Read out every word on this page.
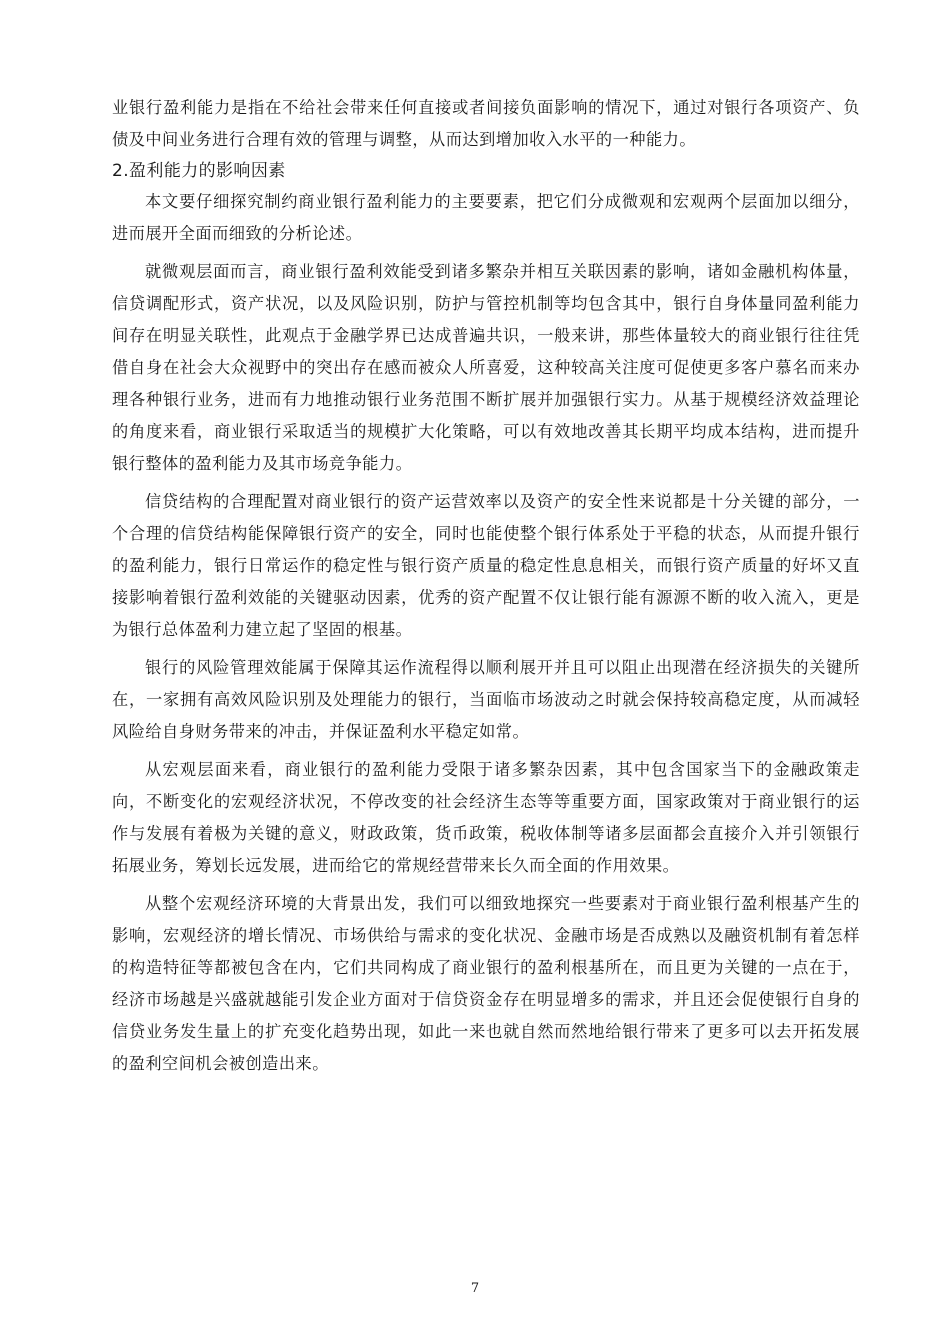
业银行盈利能力是指在不给社会带来任何直接或者间接负面影响的情况下，通过对银行各项资产、负债及中间业务进行合理有效的管理与调整，从而达到增加收入水平的一种能力。

2.盈利能力的影响因素

本文要仔细探究制约商业银行盈利能力的主要要素，把它们分成微观和宏观两个层面加以细分，进而展开全面而细致的分析论述。

就微观层面而言，商业银行盈利效能受到诸多繁杂并相互关联因素的影响，诸如金融机构体量，信贷调配形式，资产状况，以及风险识别，防护与管控机制等均包含其中，银行自身体量同盈利能力间存在明显关联性，此观点于金融学界已达成普遍共识，一般来讲，那些体量较大的商业银行往往凭借自身在社会大众视野中的突出存在感而被众人所喜爱，这种较高关注度可促使更多客户慕名而来办理各种银行业务，进而有力地推动银行业务范围不断扩展并加强银行实力。从基于规模经济效益理论的角度来看，商业银行采取适当的规模扩大化策略，可以有效地改善其长期平均成本结构，进而提升银行整体的盈利能力及其市场竞争能力。

信贷结构的合理配置对商业银行的资产运营效率以及资产的安全性来说都是十分关键的部分，一个合理的信贷结构能保障银行资产的安全，同时也能使整个银行体系处于平稳的状态，从而提升银行的盈利能力，银行日常运作的稳定性与银行资产质量的稳定性息息相关，而银行资产质量的好坏又直接影响着银行盈利效能的关键驱动因素，优秀的资产配置不仅让银行能有源源不断的收入流入，更是为银行总体盈利力建立起了坚固的根基。

银行的风险管理效能属于保障其运作流程得以顺利展开并且可以阻止出现潜在经济损失的关键所在，一家拥有高效风险识别及处理能力的银行，当面临市场波动之时就会保持较高稳定度，从而减轻风险给自身财务带来的冲击，并保证盈利水平稳定如常。

从宏观层面来看，商业银行的盈利能力受限于诸多繁杂因素，其中包含国家当下的金融政策走向，不断变化的宏观经济状况，不停改变的社会经济生态等等重要方面，国家政策对于商业银行的运作与发展有着极为关键的意义，财政政策，货币政策，税收体制等诸多层面都会直接介入并引领银行拓展业务，筹划长远发展，进而给它的常规经营带来长久而全面的作用效果。

从整个宏观经济环境的大背景出发，我们可以细致地探究一些要素对于商业银行盈利根基产生的影响，宏观经济的增长情况、市场供给与需求的变化状况、金融市场是否成熟以及融资机制有着怎样的构造特征等都被包含在内，它们共同构成了商业银行的盈利根基所在，而且更为关键的一点在于，经济市场越是兴盛就越能引发企业方面对于信贷资金存在明显增多的需求，并且还会促使银行自身的信贷业务发生量上的扩充变化趋势出现，如此一来也就自然而然地给银行带来了更多可以去开拓发展的盈利空间机会被创造出来。

7
